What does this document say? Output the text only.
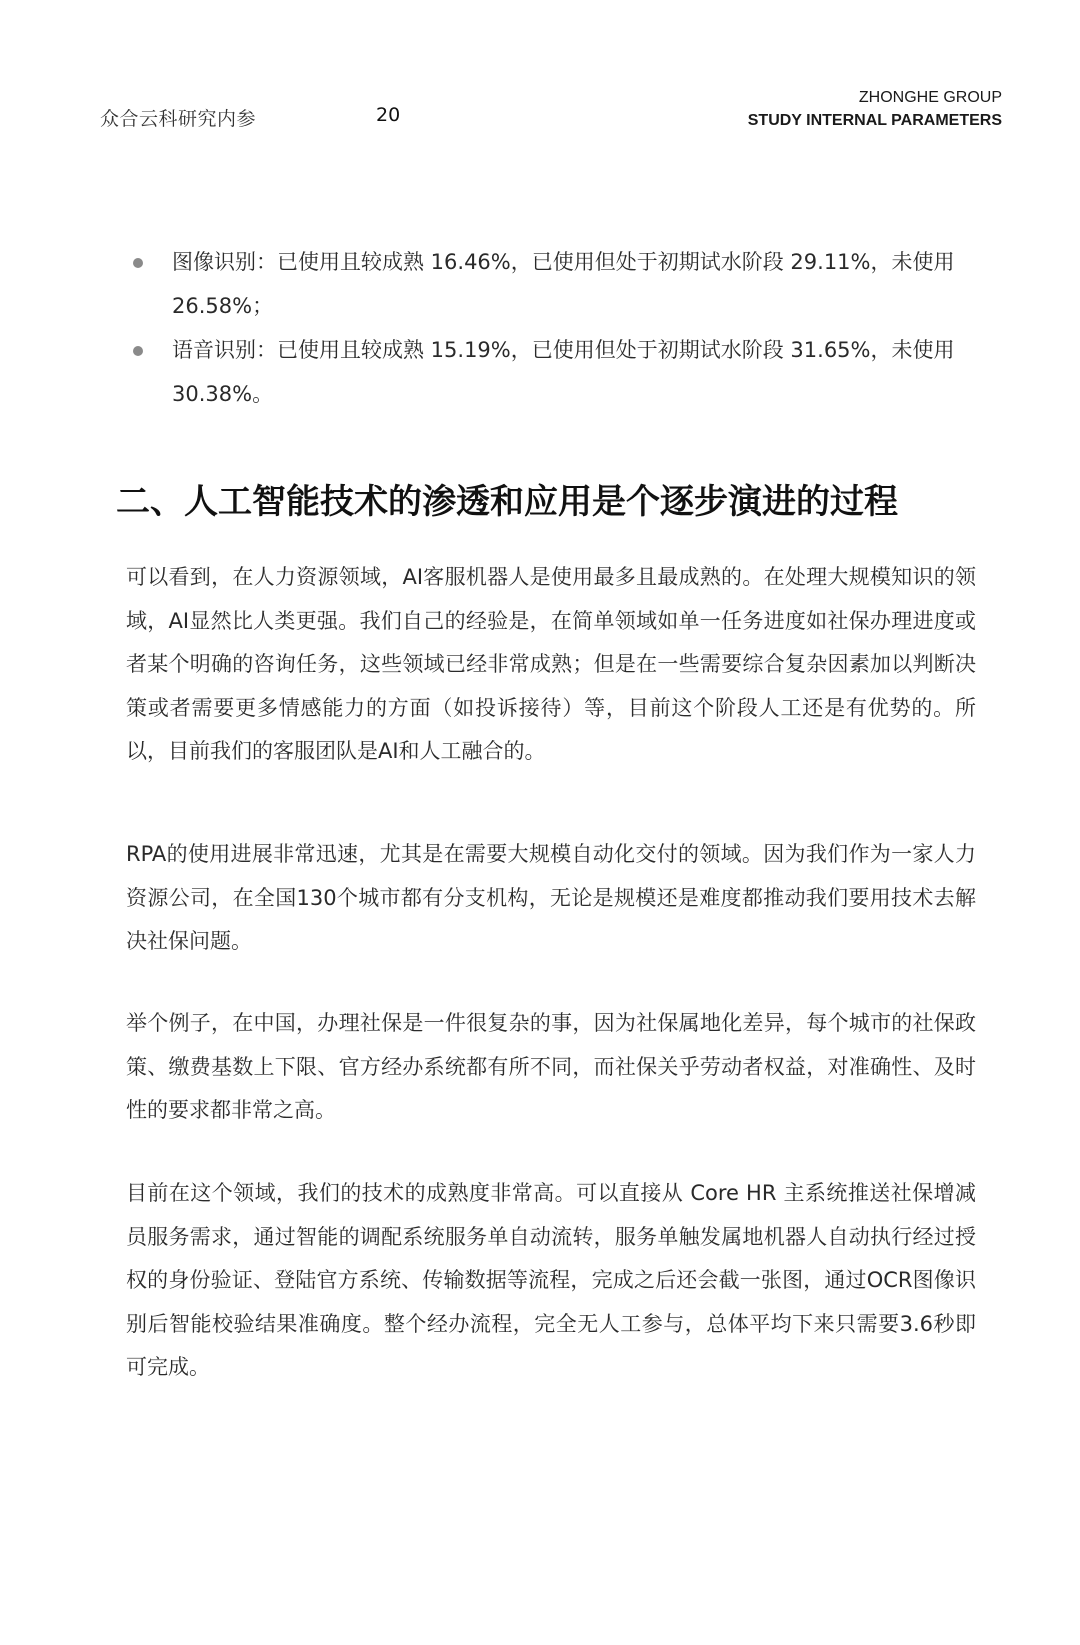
众合云科研究内参	20
ZHONGHE GROUP
STUDY INTERNAL PARAMETERS
图像识别：已使用且较成熟 16.46%，已使用但处于初期试水阶段 29.11%，未使用 26.58%；
语音识别：已使用且较成熟 15.19%，已使用但处于初期试水阶段 31.65%，未使用 30.38%。
二、人工智能技术的渗透和应用是个逐步演进的过程

可以看到，在人力资源领域，AI客服机器人是使用最多且最成熟的。在处理大规模知识的领域，AI显然比人类更强。我们自己的经验是，在简单领域如单一任务进度如社保办理进度或者某个明确的咨询任务，这些领域已经非常成熟；但是在一些需要综合复杂因素加以判断决策或者需要更多情感能力的方面（如投诉接待）等，目前这个阶段人工还是有优势的。所以，目前我们的客服团队是AI和人工融合的。

RPA的使用进展非常迅速，尤其是在需要大规模自动化交付的领域。因为我们作为一家人力资源公司，在全国130个城市都有分支机构，无论是规模还是难度都推动我们要用技术去解决社保问题。

举个例子，在中国，办理社保是一件很复杂的事，因为社保属地化差异，每个城市的社保政策、缴费基数上下限、官方经办系统都有所不同，而社保关乎劳动者权益，对准确性、及时性的要求都非常之高。

目前在这个领域，我们的技术的成熟度非常高。可以直接从 Core HR 主系统推送社保增减员服务需求，通过智能的调配系统服务单自动流转，服务单触发属地机器人自动执行经过授权的身份验证、登陆官方系统、传输数据等流程，完成之后还会截一张图，通过OCR图像识别后智能校验结果准确度。整个经办流程，完全无人工参与，总体平均下来只需要3.6秒即可完成。
